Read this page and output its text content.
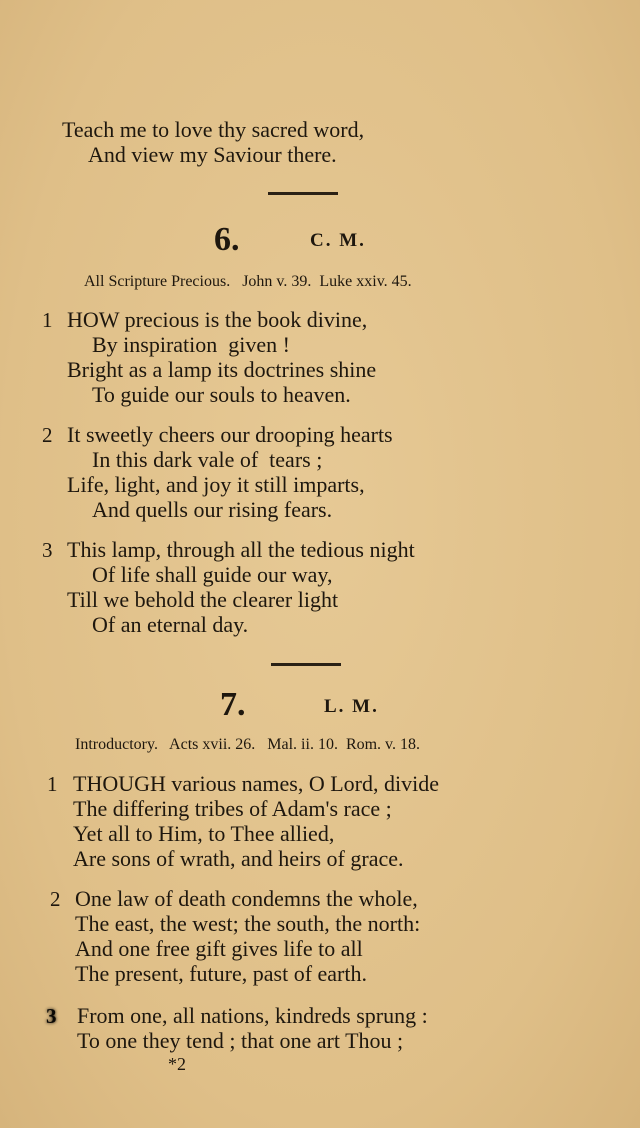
Teach me to love thy sacred word,
And view my Saviour there.
6.	C. M.
All Scripture Precious.   John v. 39.  Luke xxiv. 45.
1 HOW precious is the book divine,
By inspiration  given !
Bright as a lamp its doctrines shine
To guide our souls to heaven.
2 It sweetly cheers our drooping hearts
In this dark vale of  tears ;
Life, light, and joy it still imparts,
And quells our rising fears.
3 This lamp, through all the tedious night
Of life shall guide our way,
Till we behold the clearer light
Of an eternal day.
7.	L. M.
Introductory.   Acts xvii. 26.   Mal. ii. 10.  Rom. v. 18.
1 THOUGH various names, O Lord, divide
The differing tribes of Adam's race ;
Yet all to Him, to Thee allied,
Are sons of wrath, and heirs of grace.
2 One law of death condemns the whole,
The east, the west; the south, the north:
And one free gift gives life to all
The present, future, past of earth.
3 From one, all nations, kindreds sprung :
To one they tend ; that one art Thou ;
*2
